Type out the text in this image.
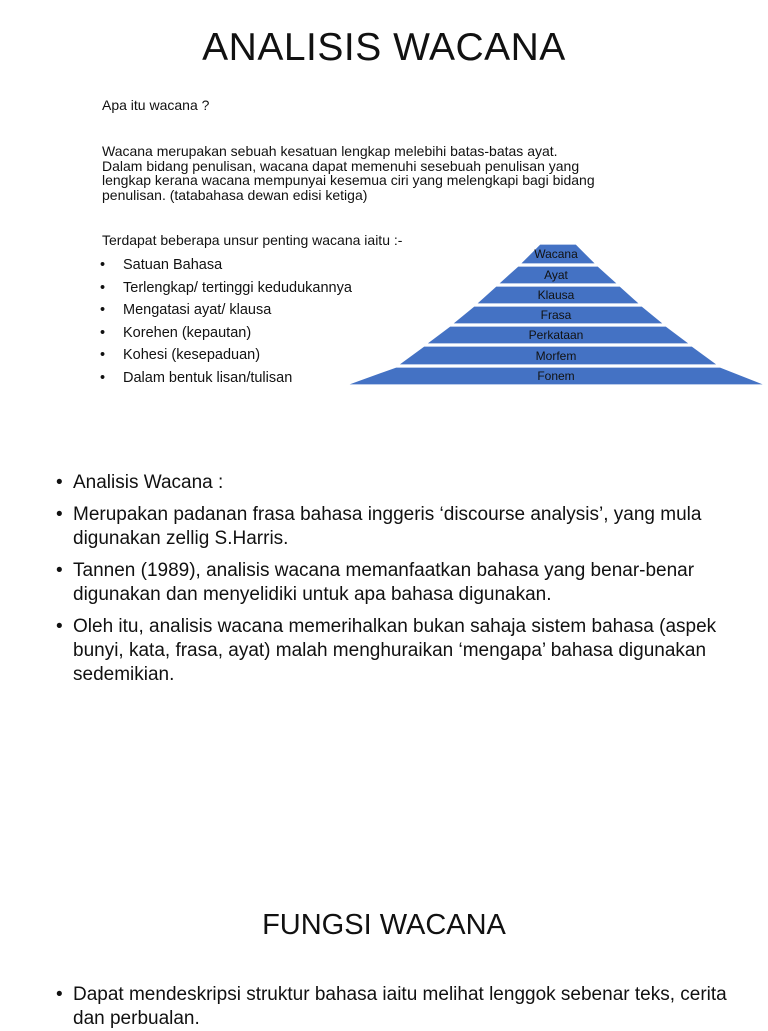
ANALISIS WACANA
Apa itu wacana ?
Wacana merupakan sebuah kesatuan lengkap melebihi batas-batas ayat.
Dalam bidang penulisan, wacana dapat memenuhi sesebuah penulisan yang
lengkap kerana wacana mempunyai kesemua ciri yang melengkapi bagi bidang
penulisan. (tatabahasa dewan edisi ketiga)
Terdapat beberapa unsur penting wacana iaitu :-
• Satuan Bahasa
• Terlengkap/ tertinggi kedudukannya
• Mengatasi ayat/ klausa
• Korehen (kepautan)
• Kohesi (kesepaduan)
• Dalam bentuk lisan/tulisan
Wacana
Ayat
Klausa
Frasa
Perkataan
Morfem
Fonem
• Analisis Wacana :
• Merupakan padanan frasa bahasa inggeris ‘discourse analysis’, yang mula digunakan zellig S.Harris.
• Tannen (1989), analisis wacana memanfaatkan bahasa yang benar-benar digunakan dan menyelidiki untuk apa bahasa digunakan.
• Oleh itu, analisis wacana memerihalkan bukan sahaja sistem bahasa (aspek bunyi, kata, frasa, ayat) malah menghuraikan ‘mengapa’ bahasa digunakan sedemikian.
FUNGSI WACANA
• Dapat mendeskripsi struktur bahasa iaitu melihat lenggok sebenar teks, cerita dan perbualan.
